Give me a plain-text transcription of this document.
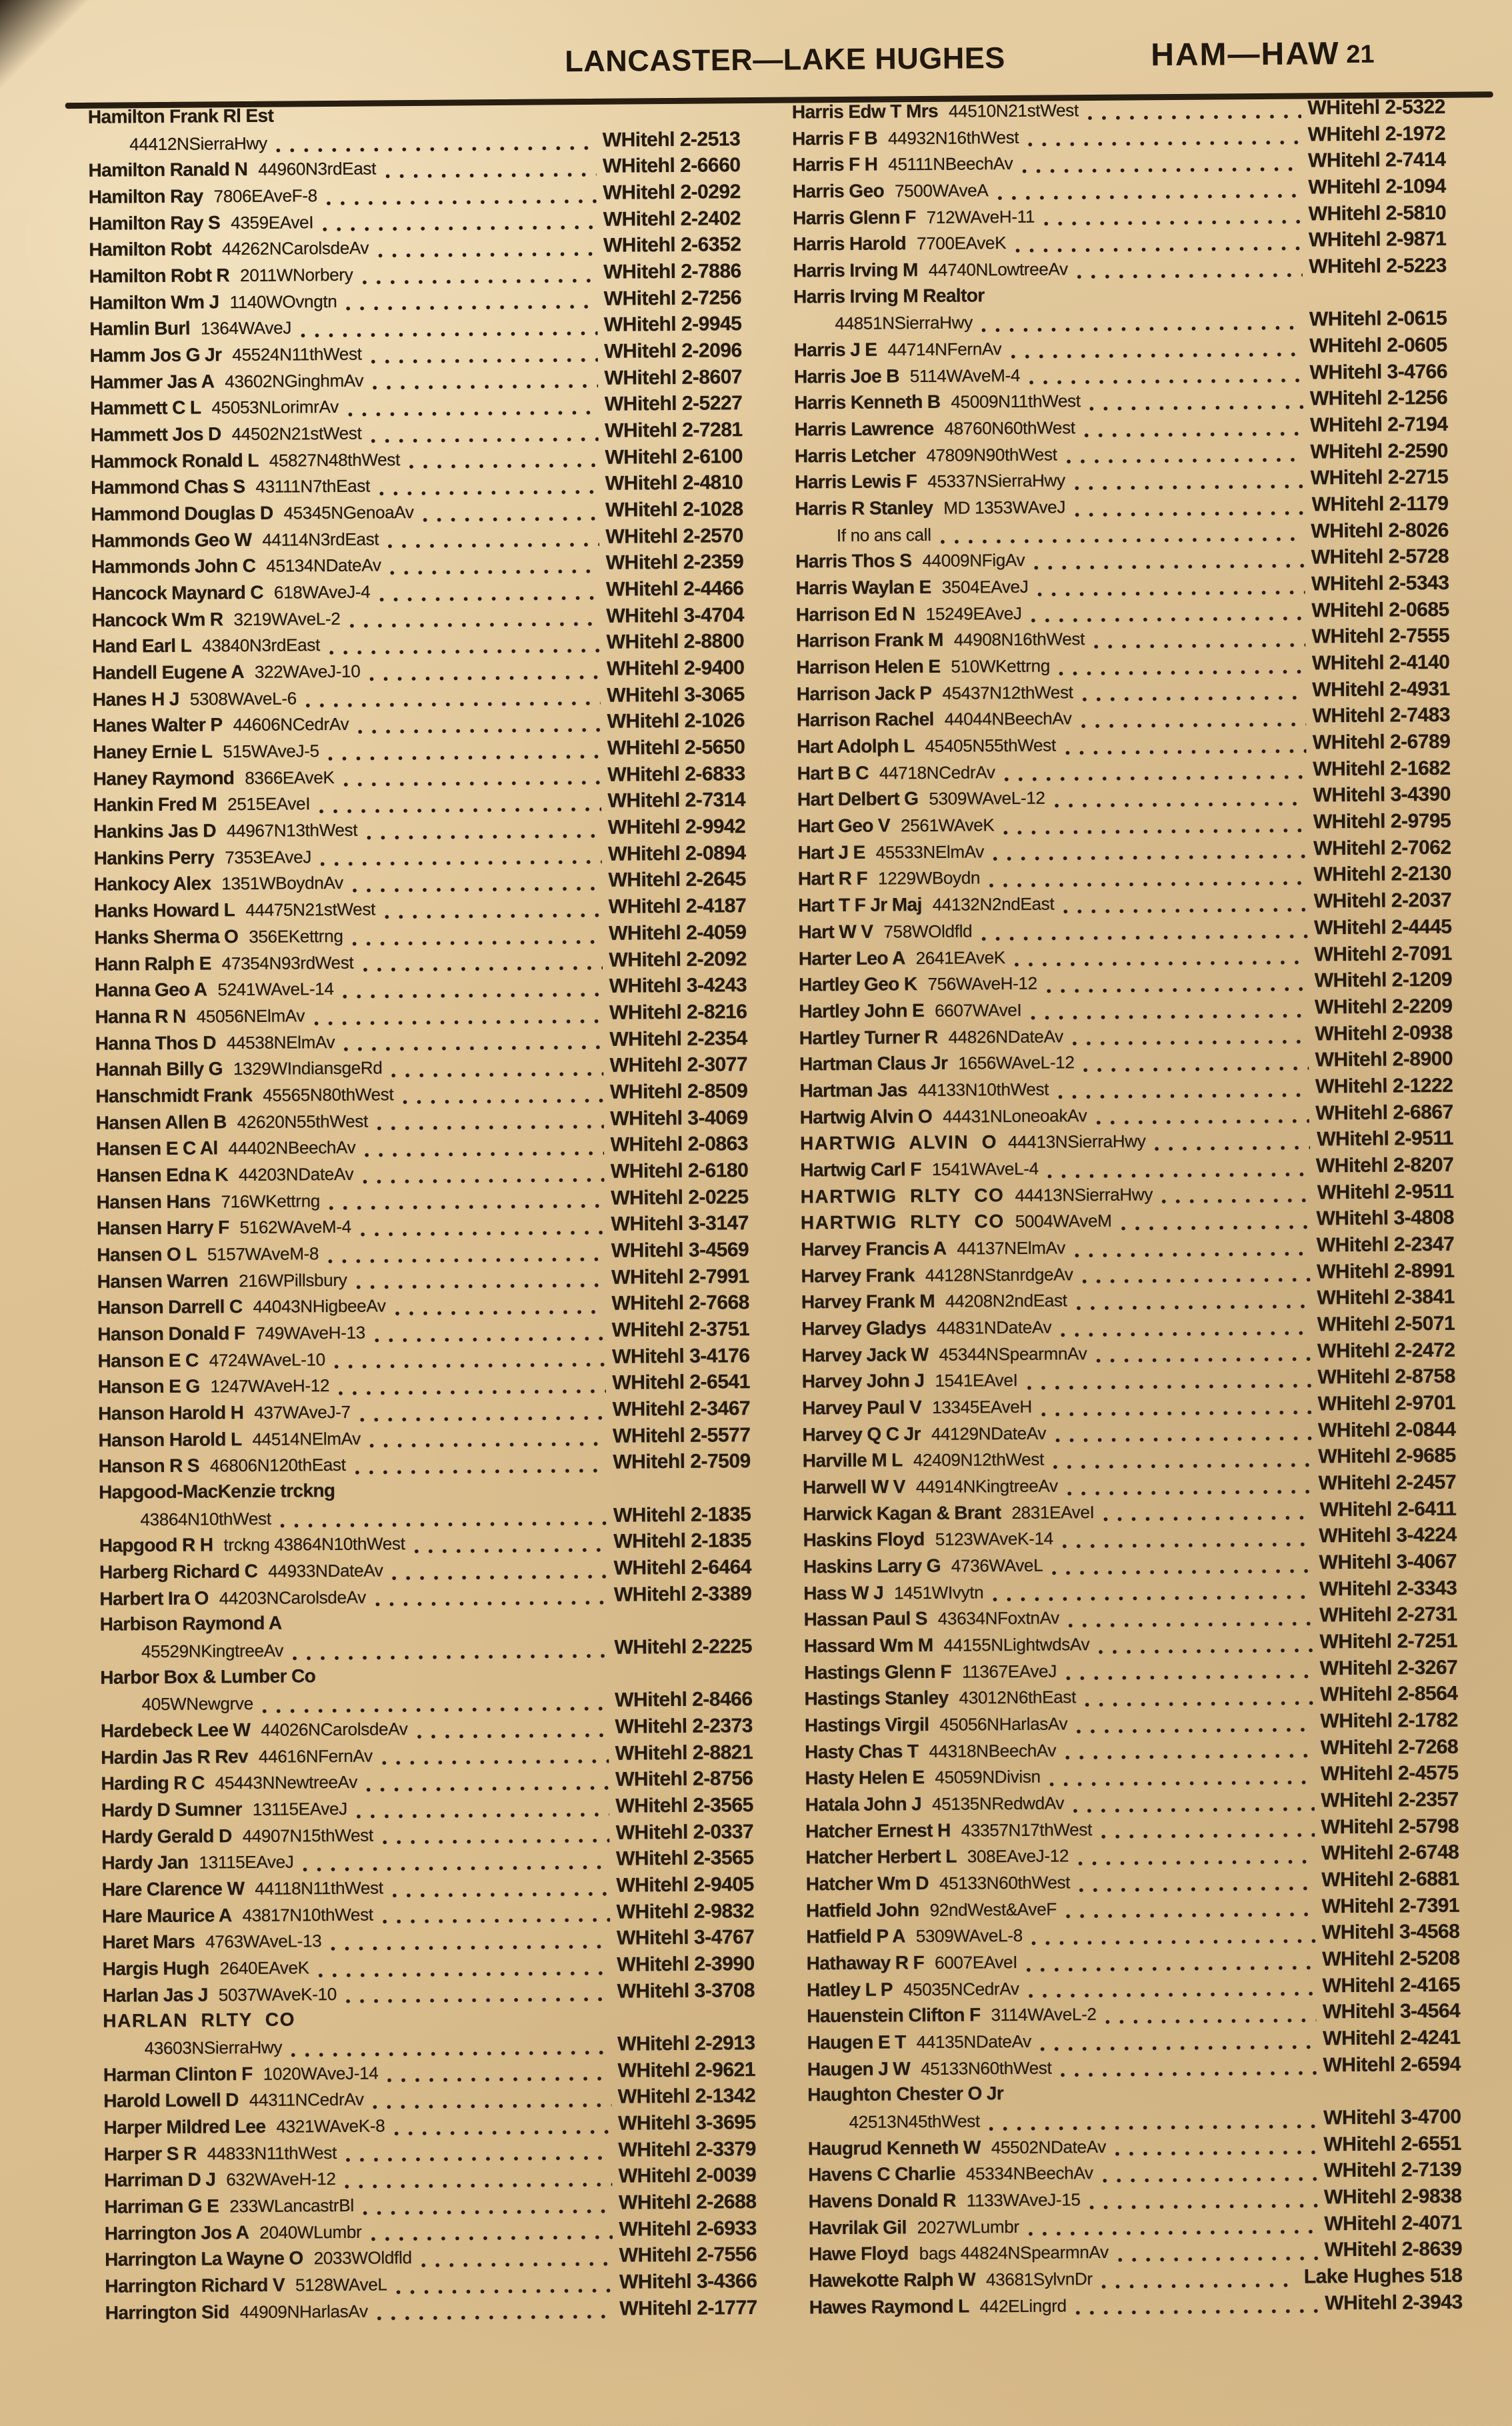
LANCASTER—LAKE HUGHES	HAM—HAW 21
Hamilton Frank Rl Est
44412NSierraHwy	WHitehl 2-2513
Hamilton Ranald N 44960N3rdEast	WHitehl 2-6660
Hamilton Ray 7806EAveF-8	WHitehl 2-0292
Hamilton Ray S 4359EAveI	WHitehl 2-2402
Hamilton Robt 44262NCarolsdeAv	WHitehl 2-6352
Hamilton Robt R 2011WNorbery	WHitehl 2-7886
Hamilton Wm J 1140WOvngtn	WHitehl 2-7256
Hamlin Burl 1364WAveJ	WHitehl 2-9945
Hamm Jos G Jr 45524N11thWest	WHitehl 2-2096
Hammer Jas A 43602NGinghmAv	WHitehl 2-8607
Hammett C L 45053NLorimrAv	WHitehl 2-5227
Hammett Jos D 44502N21stWest	WHitehl 2-7281
Hammock Ronald L 45827N48thWest	WHitehl 2-6100
Hammond Chas S 43111N7thEast	WHitehl 2-4810
Hammond Douglas D 45345NGenoaAv	WHitehl 2-1028
Hammonds Geo W 44114N3rdEast	WHitehl 2-2570
Hammonds John C 45134NDateAv	WHitehl 2-2359
Hancock Maynard C 618WAveJ-4	WHitehl 2-4466
Hancock Wm R 3219WAveL-2	WHitehl 3-4704
Hand Earl L 43840N3rdEast	WHitehl 2-8800
Handell Eugene A 322WAveJ-10	WHitehl 2-9400
Hanes H J 5308WAveL-6	WHitehl 3-3065
Hanes Walter P 44606NCedrAv	WHitehl 2-1026
Haney Ernie L 515WAveJ-5	WHitehl 2-5650
Haney Raymond 8366EAveK	WHitehl 2-6833
Hankin Fred M 2515EAveI	WHitehl 2-7314
Hankins Jas D 44967N13thWest	WHitehl 2-9942
Hankins Perry 7353EAveJ	WHitehl 2-0894
Hankocy Alex 1351WBoydnAv	WHitehl 2-2645
Hanks Howard L 44475N21stWest	WHitehl 2-4187
Hanks Sherma O 356EKettrng	WHitehl 2-4059
Hann Ralph E 47354N93rdWest	WHitehl 2-2092
Hanna Geo A 5241WAveL-14	WHitehl 3-4243
Hanna R N 45056NElmAv	WHitehl 2-8216
Hanna Thos D 44538NElmAv	WHitehl 2-2354
Hannah Billy G 1329WIndiansgeRd	WHitehl 2-3077
Hanschmidt Frank 45565N80thWest	WHitehl 2-8509
Hansen Allen B 42620N55thWest	WHitehl 3-4069
Hansen E C Al 44402NBeechAv	WHitehl 2-0863
Hansen Edna K 44203NDateAv	WHitehl 2-6180
Hansen Hans 716WKettrng	WHitehl 2-0225
Hansen Harry F 5162WAveM-4	WHitehl 3-3147
Hansen O L 5157WAveM-8	WHitehl 3-4569
Hansen Warren 216WPillsbury	WHitehl 2-7991
Hanson Darrell C 44043NHigbeeAv	WHitehl 2-7668
Hanson Donald F 749WAveH-13	WHitehl 2-3751
Hanson E C 4724WAveL-10	WHitehl 3-4176
Hanson E G 1247WAveH-12	WHitehl 2-6541
Hanson Harold H 437WAveJ-7	WHitehl 2-3467
Hanson Harold L 44514NElmAv	WHitehl 2-5577
Hanson R S 46806N120thEast	WHitehl 2-7509
Hapgood-MacKenzie trckng
43864N10thWest	WHitehl 2-1835
Hapgood R H trckng 43864N10thWest	WHitehl 2-1835
Harberg Richard C 44933NDateAv	WHitehl 2-6464
Harbert Ira O 44203NCarolsdeAv	WHitehl 2-3389
Harbison Raymond A
45529NKingtreeAv	WHitehl 2-2225
Harbor Box & Lumber Co
405WNewgrve	WHitehl 2-8466
Hardebeck Lee W 44026NCarolsdeAv	WHitehl 2-2373
Hardin Jas R Rev 44616NFernAv	WHitehl 2-8821
Harding R C 45443NNewtreeAv	WHitehl 2-8756
Hardy D Sumner 13115EAveJ	WHitehl 2-3565
Hardy Gerald D 44907N15thWest	WHitehl 2-0337
Hardy Jan 13115EAveJ	WHitehl 2-3565
Hare Clarence W 44118N11thWest	WHitehl 2-9405
Hare Maurice A 43817N10thWest	WHitehl 2-9832
Haret Mars 4763WAveL-13	WHitehl 3-4767
Hargis Hugh 2640EAveK	WHitehl 2-3990
Harlan Jas J 5037WAveK-10	WHitehl 3-3708
HARLAN RLTY CO
43603NSierraHwy	WHitehl 2-2913
Harman Clinton F 1020WAveJ-14	WHitehl 2-9621
Harold Lowell D 44311NCedrAv	WHitehl 2-1342
Harper Mildred Lee 4321WAveK-8	WHitehl 3-3695
Harper S R 44833N11thWest	WHitehl 2-3379
Harriman D J 632WAveH-12	WHitehl 2-0039
Harriman G E 233WLancastrBl	WHitehl 2-2688
Harrington Jos A 2040WLumbr	WHitehl 2-6933
Harrington La Wayne O 2033WOldfld	WHitehl 2-7556
Harrington Richard V 5128WAveL	WHitehl 3-4366
Harrington Sid 44909NHarlasAv	WHitehl 2-1777
Harris Edw T Mrs 44510N21stWest	WHitehl 2-5322
Harris F B 44932N16thWest	WHitehl 2-1972
Harris F H 45111NBeechAv	WHitehl 2-7414
Harris Geo 7500WAveA	WHitehl 2-1094
Harris Glenn F 712WAveH-11	WHitehl 2-5810
Harris Harold 7700EAveK	WHitehl 2-9871
Harris Irving M 44740NLowtreeAv	WHitehl 2-5223
Harris Irving M Realtor
44851NSierraHwy	WHitehl 2-0615
Harris J E 44714NFernAv	WHitehl 2-0605
Harris Joe B 5114WAveM-4	WHitehl 3-4766
Harris Kenneth B 45009N11thWest	WHitehl 2-1256
Harris Lawrence 48760N60thWest	WHitehl 2-7194
Harris Letcher 47809N90thWest	WHitehl 2-2590
Harris Lewis F 45337NSierraHwy	WHitehl 2-2715
Harris R Stanley MD 1353WAveJ	WHitehl 2-1179
If no ans call	WHitehl 2-8026
Harris Thos S 44009NFigAv	WHitehl 2-5728
Harris Waylan E 3504EAveJ	WHitehl 2-5343
Harrison Ed N 15249EAveJ	WHitehl 2-0685
Harrison Frank M 44908N16thWest	WHitehl 2-7555
Harrison Helen E 510WKettrng	WHitehl 2-4140
Harrison Jack P 45437N12thWest	WHitehl 2-4931
Harrison Rachel 44044NBeechAv	WHitehl 2-7483
Hart Adolph L 45405N55thWest	WHitehl 2-6789
Hart B C 44718NCedrAv	WHitehl 2-1682
Hart Delbert G 5309WAveL-12	WHitehl 3-4390
Hart Geo V 2561WAveK	WHitehl 2-9795
Hart J E 45533NElmAv	WHitehl 2-7062
Hart R F 1229WBoydn	WHitehl 2-2130
Hart T F Jr Maj 44132N2ndEast	WHitehl 2-2037
Hart W V 758WOldfld	WHitehl 2-4445
Harter Leo A 2641EAveK	WHitehl 2-7091
Hartley Geo K 756WAveH-12	WHitehl 2-1209
Hartley John E 6607WAveI	WHitehl 2-2209
Hartley Turner R 44826NDateAv	WHitehl 2-0938
Hartman Claus Jr 1656WAveL-12	WHitehl 2-8900
Hartman Jas 44133N10thWest	WHitehl 2-1222
Hartwig Alvin O 44431NLoneoakAv	WHitehl 2-6867
HARTWIG ALVIN O 44413NSierraHwy	WHitehl 2-9511
Hartwig Carl F 1541WAveL-4	WHitehl 2-8207
HARTWIG RLTY CO 44413NSierraHwy	WHitehl 2-9511
HARTWIG RLTY CO 5004WAveM	WHitehl 3-4808
Harvey Francis A 44137NElmAv	WHitehl 2-2347
Harvey Frank 44128NStanrdgeAv	WHitehl 2-8991
Harvey Frank M 44208N2ndEast	WHitehl 2-3841
Harvey Gladys 44831NDateAv	WHitehl 2-5071
Harvey Jack W 45344NSpearmnAv	WHitehl 2-2472
Harvey John J 1541EAveI	WHitehl 2-8758
Harvey Paul V 13345EAveH	WHitehl 2-9701
Harvey Q C Jr 44129NDateAv	WHitehl 2-0844
Harville M L 42409N12thWest	WHitehl 2-9685
Harwell W V 44914NKingtreeAv	WHitehl 2-2457
Harwick Kagan & Brant 2831EAveI	WHitehl 2-6411
Haskins Floyd 5123WAveK-14	WHitehl 3-4224
Haskins Larry G 4736WAveL	WHitehl 3-4067
Hass W J 1451WIvytn	WHitehl 2-3343
Hassan Paul S 43634NFoxtnAv	WHitehl 2-2731
Hassard Wm M 44155NLightwdsAv	WHitehl 2-7251
Hastings Glenn F 11367EAveJ	WHitehl 2-3267
Hastings Stanley 43012N6thEast	WHitehl 2-8564
Hastings Virgil 45056NHarlasAv	WHitehl 2-1782
Hasty Chas T 44318NBeechAv	WHitehl 2-7268
Hasty Helen E 45059NDivisn	WHitehl 2-4575
Hatala John J 45135NRedwdAv	WHitehl 2-2357
Hatcher Ernest H 43357N17thWest	WHitehl 2-5798
Hatcher Herbert L 308EAveJ-12	WHitehl 2-6748
Hatcher Wm D 45133N60thWest	WHitehl 2-6881
Hatfield John 92ndWest&AveF	WHitehl 2-7391
Hatfield P A 5309WAveL-8	WHitehl 3-4568
Hathaway R F 6007EAveI	WHitehl 2-5208
Hatley L P 45035NCedrAv	WHitehl 2-4165
Hauenstein Clifton F 3114WAveL-2	WHitehl 3-4564
Haugen E T 44135NDateAv	WHitehl 2-4241
Haugen J W 45133N60thWest	WHitehl 2-6594
Haughton Chester O Jr
42513N45thWest	WHitehl 3-4700
Haugrud Kenneth W 45502NDateAv	WHitehl 2-6551
Havens C Charlie 45334NBeechAv	WHitehl 2-7139
Havens Donald R 1133WAveJ-15	WHitehl 2-9838
Havrilak Gil 2027WLumbr	WHitehl 2-4071
Hawe Floyd bags 44824NSpearmnAv	WHitehl 2-8639
Hawekotte Ralph W 43681SylvnDr	Lake Hughes 518
Hawes Raymond L 442ELingrd	WHitehl 2-3943
